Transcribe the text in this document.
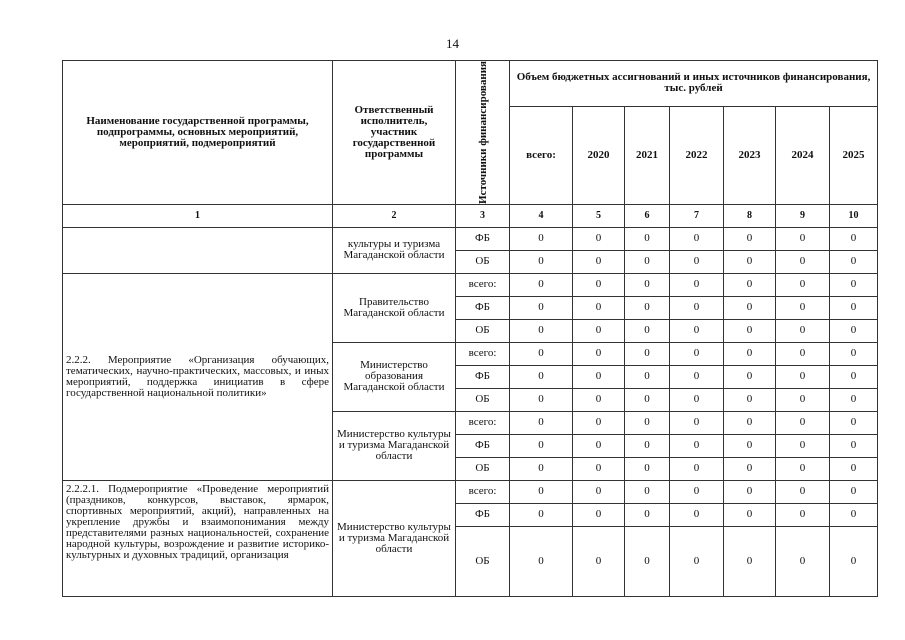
14
Наименование государственной программы, подпрограммы, основных мероприятий, мероприятий, подмероприятий	Ответственный исполнитель, участник государственной программы	Источники финансирования	Объем бюджетных ассигнований и иных источников финансирования, тыс. рублей						
			всего:	2020	2021	2022	2023	2024	2025
1	2	3	4	5	6	7	8	9	10
	культуры и туризма Магаданской области	ФБ	0	0	0	0	0	0	0
		ОБ	0	0	0	0	0	0	0
2.2.2. Мероприятие «Организация обучающих, тематических, научно-практических, массовых, и иных мероприятий, поддержка инициатив в сфере государственной национальной политики»	Правительство Магаданской области	всего:	0	0	0	0	0	0	0
		ФБ	0	0	0	0	0	0	0
		ОБ	0	0	0	0	0	0	0
	Министерство образования Магаданской области	всего:	0	0	0	0	0	0	0
		ФБ	0	0	0	0	0	0	0
		ОБ	0	0	0	0	0	0	0
	Министерство культуры и туризма Магаданской области	всего:	0	0	0	0	0	0	0
		ФБ	0	0	0	0	0	0	0
		ОБ	0	0	0	0	0	0	0
2.2.2.1. Подмероприятие «Проведение мероприятий (праздников, конкурсов, выставок, ярмарок, спортивных мероприятий, акций), направленных на укрепление дружбы и взаимопонимания между представителями разных национальностей, сохранение народной культуры, возрождение и развитие историко-культурных и духовных традиций, организация	Министерство культуры и туризма Магаданской области	всего:	0	0	0	0	0	0	0
		ФБ	0	0	0	0	0	0	0
		ОБ	0	0	0	0	0	0	0
